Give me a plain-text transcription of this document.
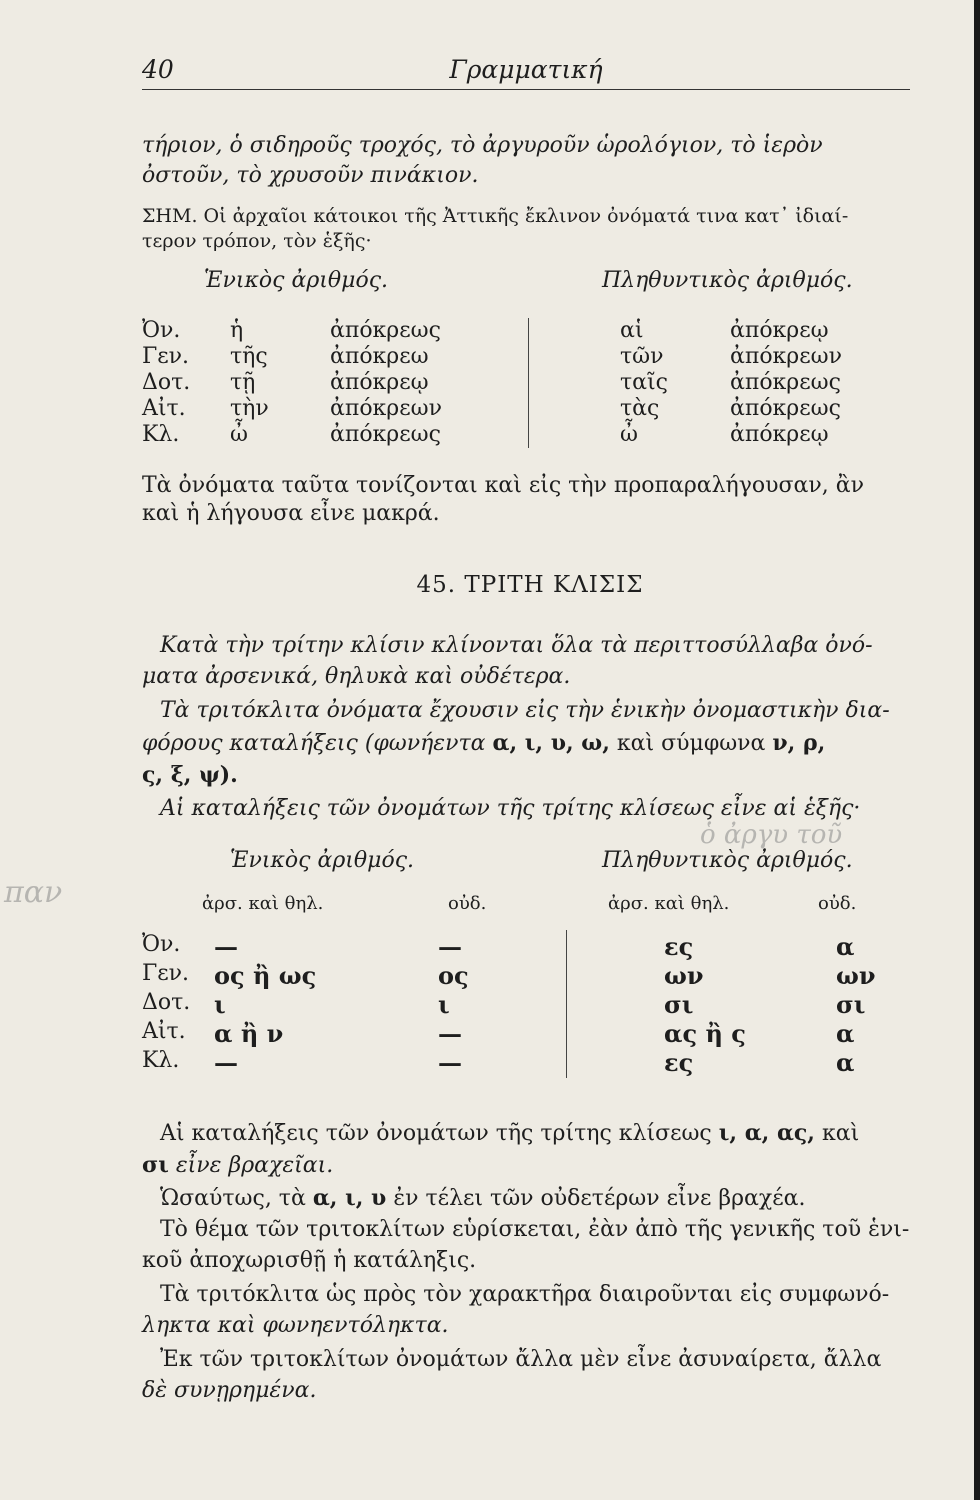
παν
ὁ ἀργυ τοῦ
40	Γραμματική
τήριον, ὁ σιδηροῦς τροχός, τὸ ἀργυροῦν ὡρολόγιον, τὸ ἱερὸν
ὀστοῦν, τὸ χρυσοῦν πινάκιον.
ΣΗΜ. Οἱ ἀρχαῖοι κάτοικοι τῆς Ἀττικῆς ἔκλινον ὀνόματά τινα κατ᾽ ἰδιαί-
τερον τρόπον, τὸν ἑξῆς·
Ἑνικὸς ἀριθμός.	Πληθυντικὸς ἀριθμός.
Ὀν. ἡ	ἀπόκρεως	αἱ	ἀπόκρεῳ
Γεν. τῆς	ἀπόκρεω	τῶν	ἀπόκρεων
Δοτ. τῇ	ἀπόκρεῳ	ταῖς	ἀπόκρεως
Αἰτ. τὴν	ἀπόκρεων	τὰς	ἀπόκρεως
Κλ. ὦ	ἀπόκρεως	ὦ	ἀπόκρεῳ
Τὰ ὀνόματα ταῦτα τονίζονται καὶ εἰς τὴν προπαραλήγουσαν, ἂν
καὶ ἡ λήγουσα εἶνε μακρά.
45. ΤΡΙΤΗ ΚΛΙΣΙΣ
Κατὰ τὴν τρίτην κλίσιν κλίνονται ὅλα τὰ περιττοσύλλαβα ὀνό-
ματα ἀρσενικά, θηλυκὰ καὶ οὐδέτερα.
Τὰ τριτόκλιτα ὀνόματα ἔχουσιν εἰς τὴν ἑνικὴν ὀνομαστικὴν δια-
φόρους καταλήξεις (φωνήεντα α, ι, υ, ω, καὶ σύμφωνα ν, ρ,
ς, ξ, ψ).
Αἱ καταλήξεις τῶν ὀνομάτων τῆς τρίτης κλίσεως εἶνε αἱ ἑξῆς·
Ἑνικὸς ἀριθμός.	Πληθυντικὸς ἀριθμός.
ἀρσ. καὶ θηλ.	οὐδ.	ἀρσ. καὶ θηλ.	οὐδ.
Ὀν. —	—	ες	α
Γεν. ος ἢ ως	ος	ων	ων
Δοτ. ι	ι	σι	σι
Αἰτ. α ἢ ν	—	ας ἢ ς	α
Κλ. —	—	ες	α
Αἱ καταλήξεις τῶν ὀνομάτων τῆς τρίτης κλίσεως ι, α, ας, καὶ
σι εἶνε βραχεῖαι.
Ὡσαύτως, τὰ α, ι, υ ἐν τέλει τῶν οὐδετέρων εἶνε βραχέα.
Τὸ θέμα τῶν τριτοκλίτων εὑρίσκεται, ἐὰν ἀπὸ τῆς γενικῆς τοῦ ἑνι-
κοῦ ἀποχωρισθῇ ἡ κατάληξις.
Τὰ τριτόκλιτα ὡς πρὸς τὸν χαρακτῆρα διαιροῦνται εἰς συμφωνό-
ληκτα καὶ φωνηεντόληκτα.
Ἐκ τῶν τριτοκλίτων ὀνομάτων ἄλλα μὲν εἶνε ἀσυναίρετα, ἄλλα
δὲ συνῃρημένα.
